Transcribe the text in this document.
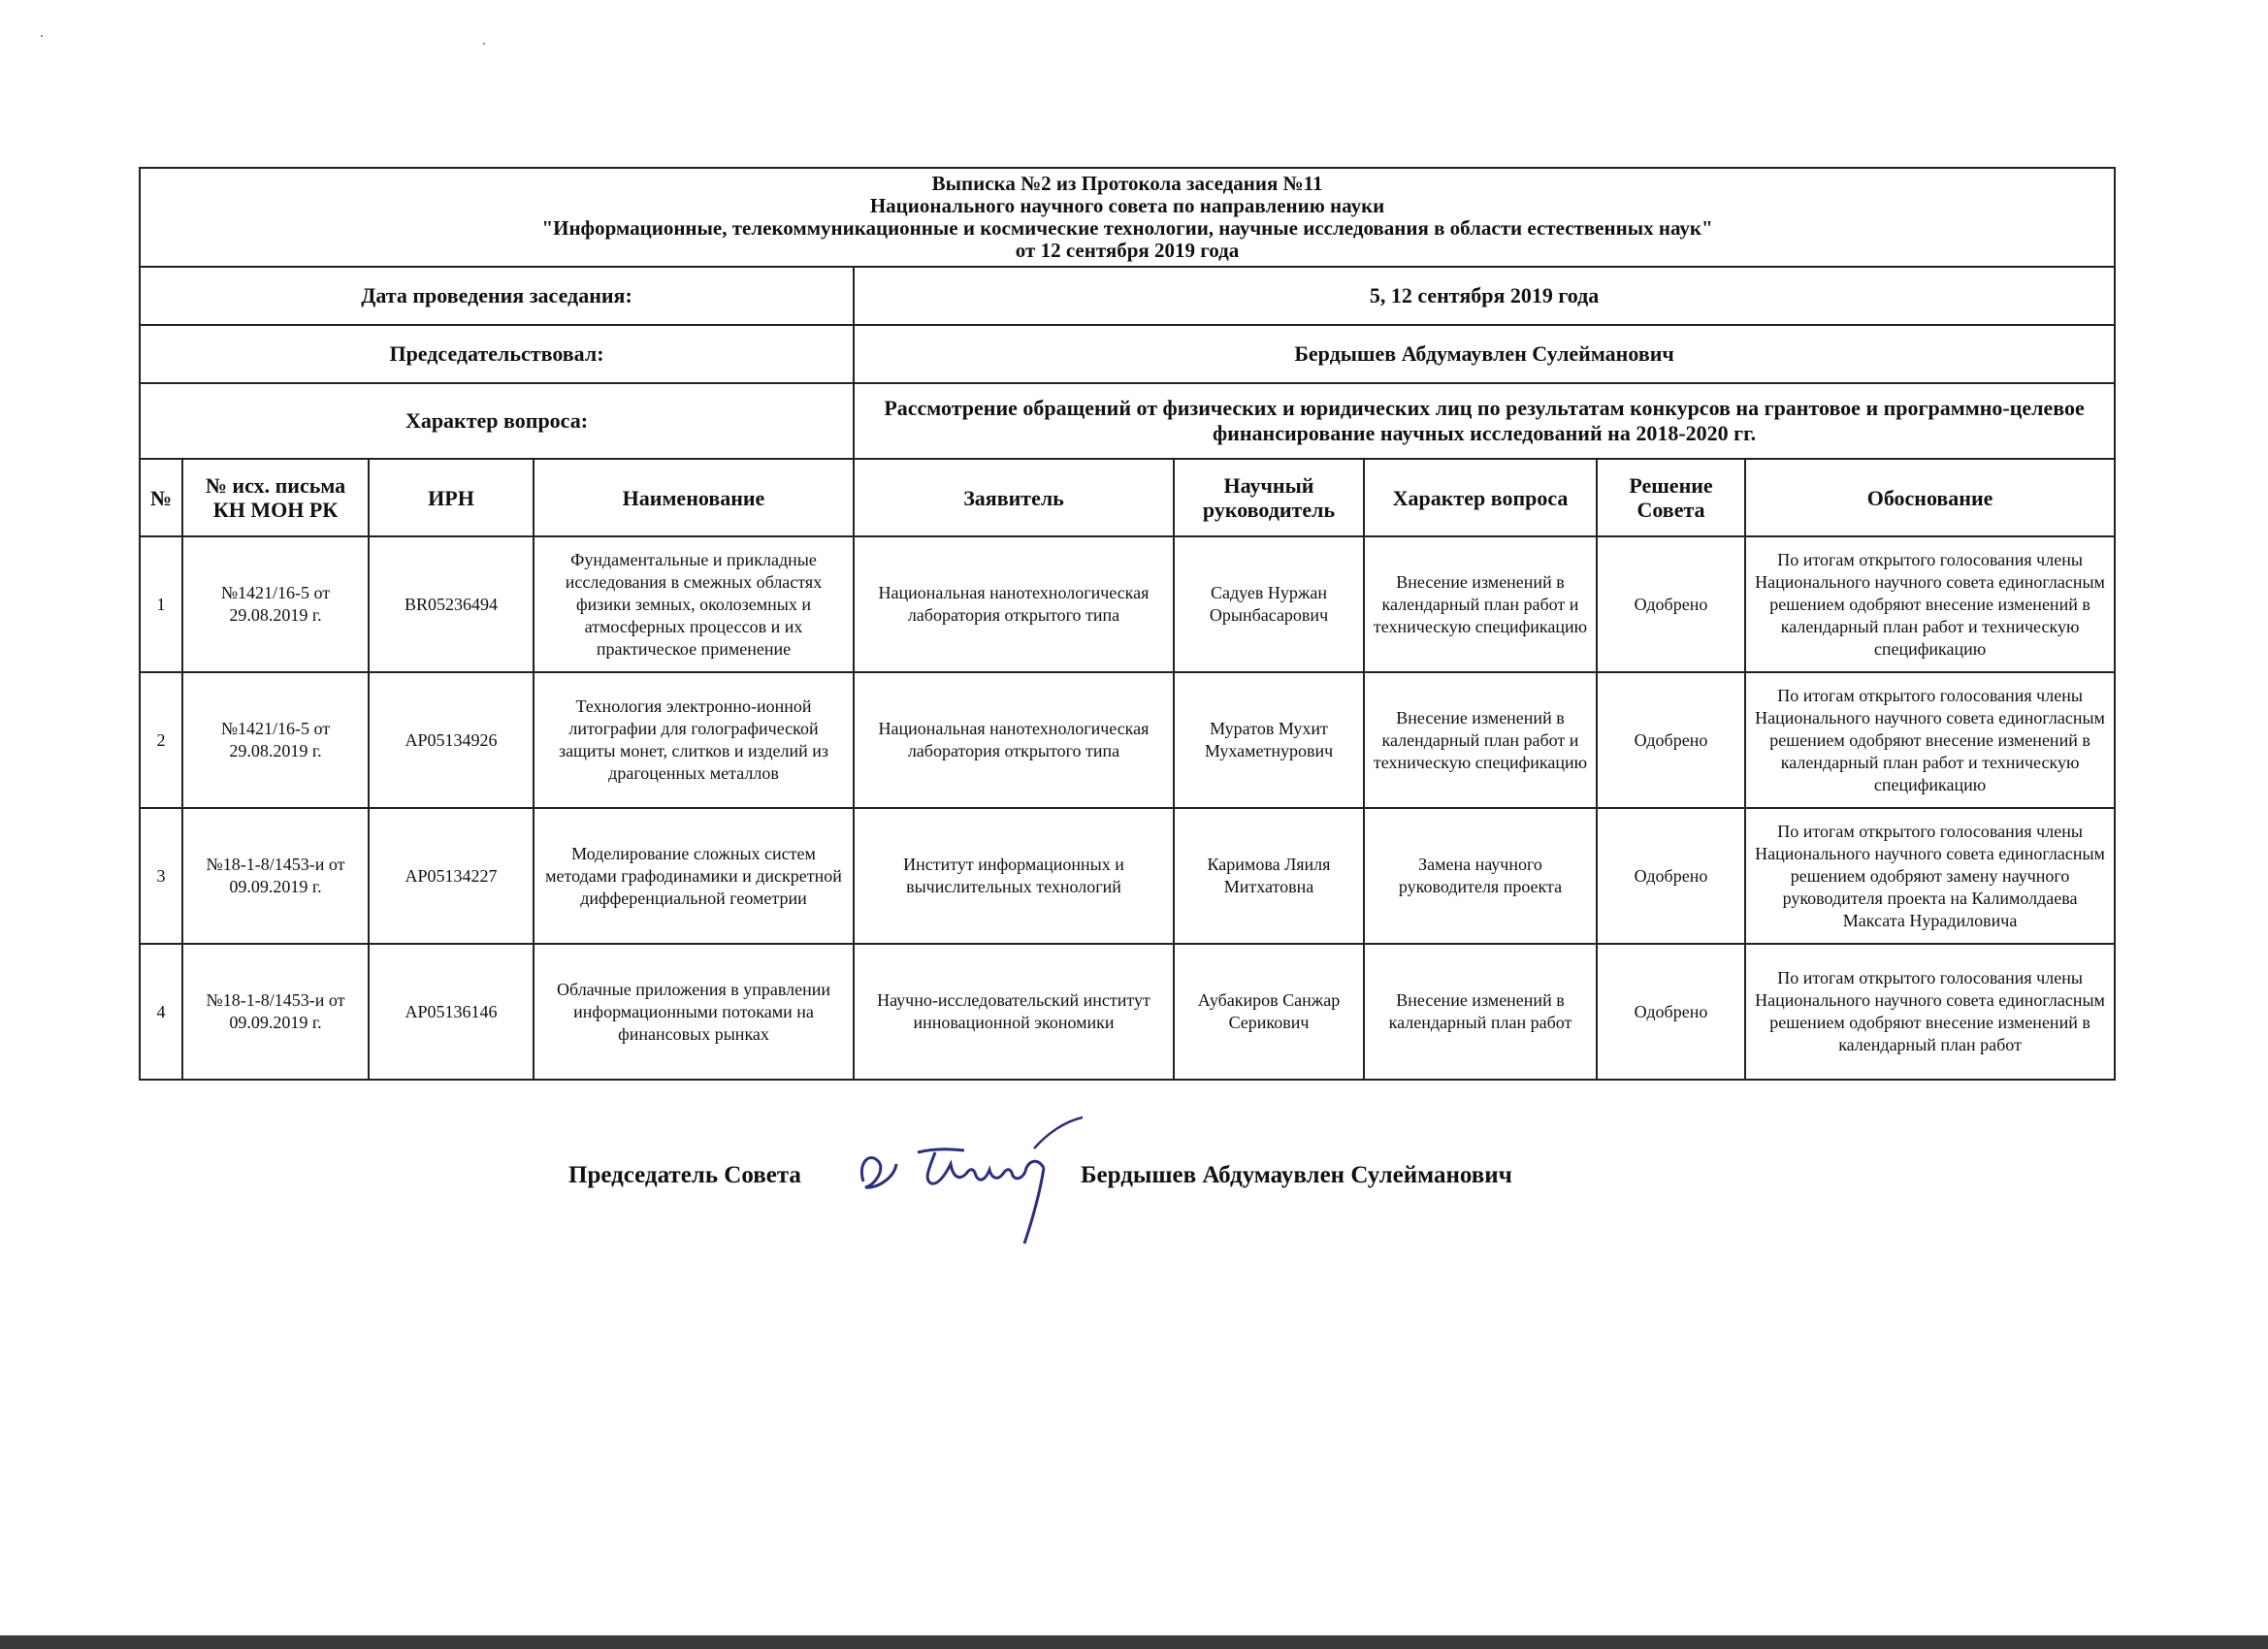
Выписка №2 из Протокола заседания №11
Национального научного совета по направлению науки
"Информационные, телекоммуникационные и космические технологии, научные исследования в области естественных наук"
от 12 сентября 2019 года								

Дата проведения заседания:				5, 12 сентября 2019 года				
Председательствовал:				Бердышев Абдумаувлен Сулейманович				
Характер вопроса:				Рассмотрение обращений от физических и юридических лиц по результатам конкурсов на грантовое и программно-целевое финансирование научных исследований на 2018-2020 гг.				
№	№ исх. письма КН МОН РК	ИРН	Наименование	Заявитель	Научный руководитель	Характер вопроса	Решение Совета	Обоснование
1	№1421/16-5 от 29.08.2019 г.	BR05236494	Фундаментальные и прикладные исследования в смежных областях физики земных, околоземных и атмосферных процессов и их практическое применение	Национальная нанотехнологическая лаборатория открытого типа	Садуев Нуржан Орынбасарович	Внесение изменений в календарный план работ и техническую спецификацию	Одобрено	По итогам открытого голосования члены Национального научного совета единогласным решением одобряют внесение изменений в календарный план работ и техническую спецификацию
2	№1421/16-5 от 29.08.2019 г.	AP05134926	Технология электронно-ионной литографии для голографической защиты монет, слитков и изделий из драгоценных металлов	Национальная нанотехнологическая лаборатория открытого типа	Муратов Мухит Мухаметнурович	Внесение изменений в календарный план работ и техническую спецификацию	Одобрено	По итогам открытого голосования члены Национального научного совета единогласным решением одобряют внесение изменений в календарный план работ и техническую спецификацию
3	№18-1-8/1453-и от 09.09.2019 г.	AP05134227	Моделирование сложных систем методами графодинамики и дискретной дифференциальной геометрии	Институт информационных и вычислительных технологий	Каримова Ляиля Митхатовна	Замена научного руководителя проекта	Одобрено	По итогам открытого голосования члены Национального научного совета единогласным решением одобряют замену научного руководителя проекта на Калимолдаева Максата Нурадиловича
4	№18-1-8/1453-и от 09.09.2019 г.	AP05136146	Облачные приложения в управлении информационными потоками на финансовых рынках	Научно-исследовательский институт инновационной экономики	Аубакиров Санжар Серикович	Внесение изменений в календарный план работ	Одобрено	По итогам открытого голосования члены Национального научного совета единогласным решением одобряют внесение изменений в календарный план работ
Председатель Совета	Бердышев Абдумаувлен Сулейманович
